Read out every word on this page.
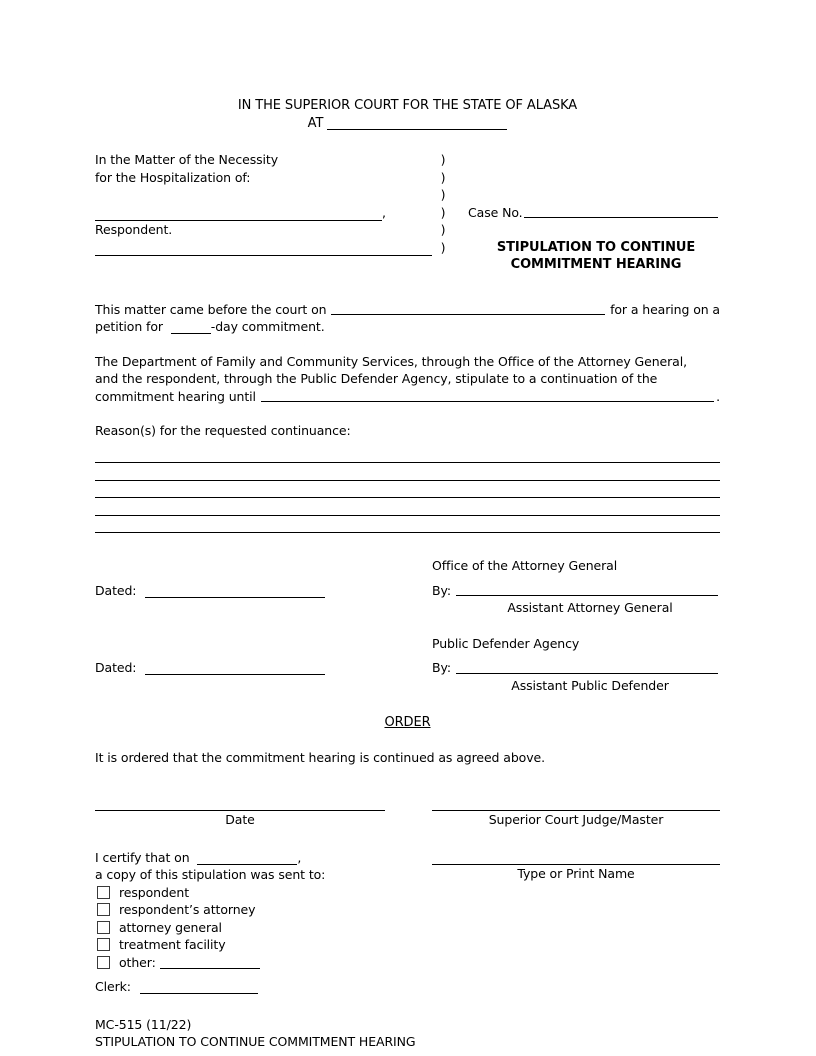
IN THE SUPERIOR COURT FOR THE STATE OF ALASKA
AT
In the Matter of the Necessity
for the Hospitalization of:

,
Respondent.
)
)
)
)
)
)
Case No.

STIPULATION TO CONTINUE
COMMITMENT HEARING
This matter came before the court on	for a hearing on a
petition for	-day commitment.
The Department of Family and Community Services, through the Office of the Attorney General,
and the respondent, through the Public Defender Agency, stipulate to a continuation of the
commitment hearing until	.
Reason(s) for the requested continuance:
Office of the Attorney General
Dated:	By:
Assistant Attorney General
Public Defender Agency
Dated:	By:
Assistant Public Defender
ORDER
It is ordered that the commitment hearing is continued as agreed above.
Date	Superior Court Judge/Master
I certify that on	,
a copy of this stipulation was sent to:
respondent
respondent’s attorney
attorney general
treatment facility
other:
Clerk:
Type or Print Name
MC-515 (11/22)
STIPULATION TO CONTINUE COMMITMENT HEARING
